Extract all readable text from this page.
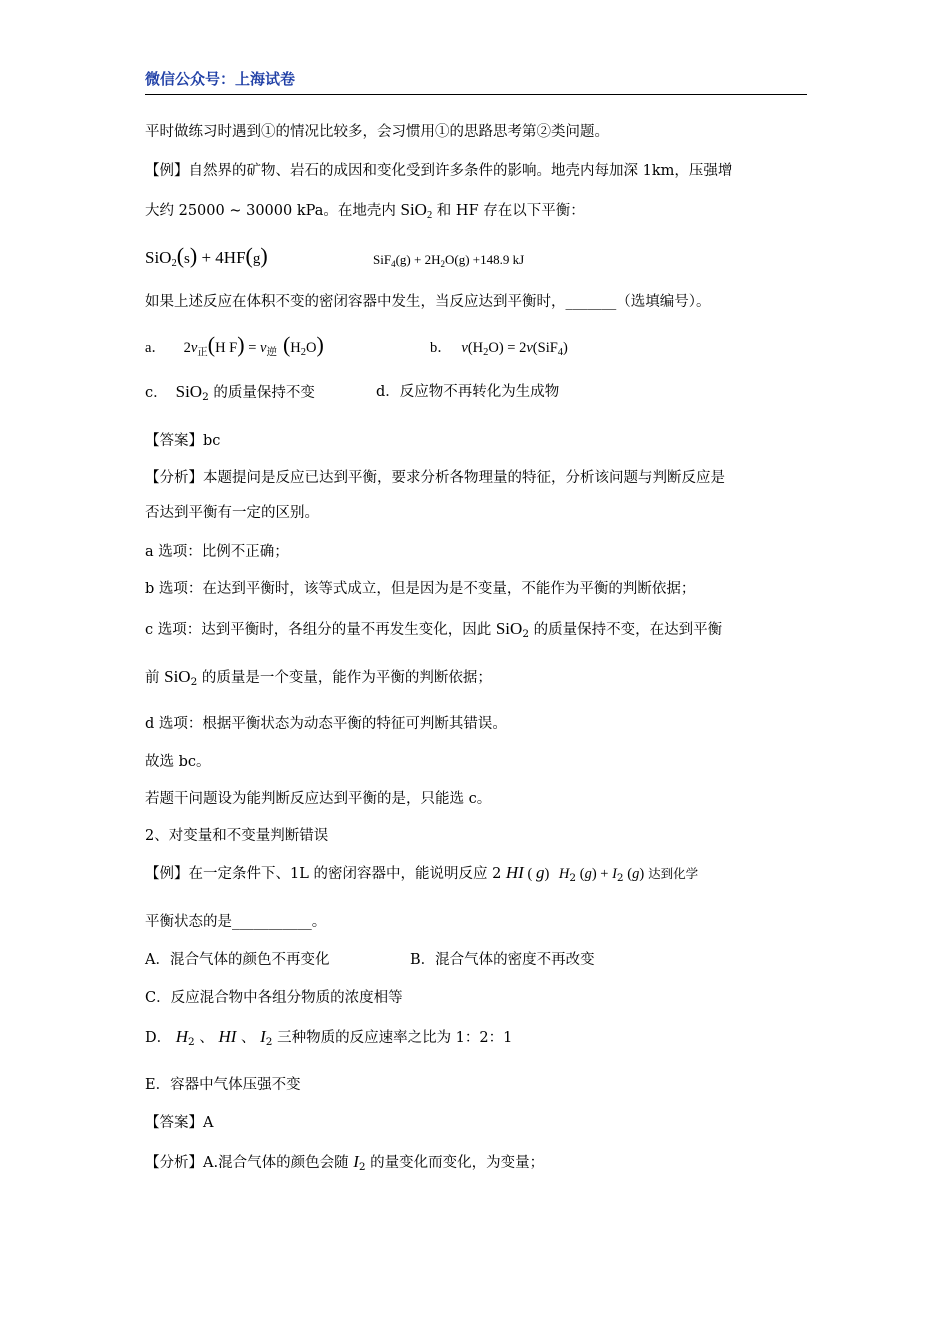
微信公众号：上海试卷
平时做练习时遇到①的情况比较多，会习惯用①的思路思考第②类问题。
【例】自然界的矿物、岩石的成因和变化受到许多条件的影响。地壳内每加深 1km，压强增
大约 25000 ~ 30000 kPa。在地壳内 SiO$_2$ 和 HF 存在以下平衡：
SiO$_2$(s) + 4HF(g)	$SiF_4(g) + 2H_2O(g) +148.9$ kJ
如果上述反应在体积不变的密闭容器中发生，当反应达到平衡时，_______（选填编号）。
a． $2v_正(H$ $F) = v_逆$ $(H_2O)$	b． $v(H_2O) = 2v(SiF_4)$
c． SiO$_2$ 的质量保持不变	d．反应物不再转化为生成物
【答案】bc
【分析】本题提问是反应已达到平衡，要求分析各物理量的特征，分析该问题与判断反应是
否达到平衡有一定的区别。
a 选项：比例不正确；
b 选项：在达到平衡时，该等式成立，但是因为是不变量，不能作为平衡的判断依据；
c 选项：达到平衡时，各组分的量不再发生变化，因此 SiO$_2$ 的质量保持不变，在达到平衡
前 SiO$_2$ 的质量是一个变量，能作为平衡的判断依据；
d 选项：根据平衡状态为动态平衡的特征可判断其错误。
故选 bc。
若题干问题设为能判断反应达到平衡的是，只能选 c。
2、对变量和不变量判断错误
【例】在一定条件下、1L 的密闭容器中，能说明反应 2 HI ( g) $H_2$ $(g) + I_2$ (g) 达到化学
平衡状态的是___________。
A．混合气体的颜色不再变化	B．混合气体的密度不再改变
C．反应混合物中各组分物质的浓度相等
D． $H_2$ 、 HI 、 $I_2$ 三种物质的反应速率之比为 1：2：1
E．容器中气体压强不变
【答案】A
【分析】A.混合气体的颜色会随 $I_2$ 的量变化而变化，为变量；
